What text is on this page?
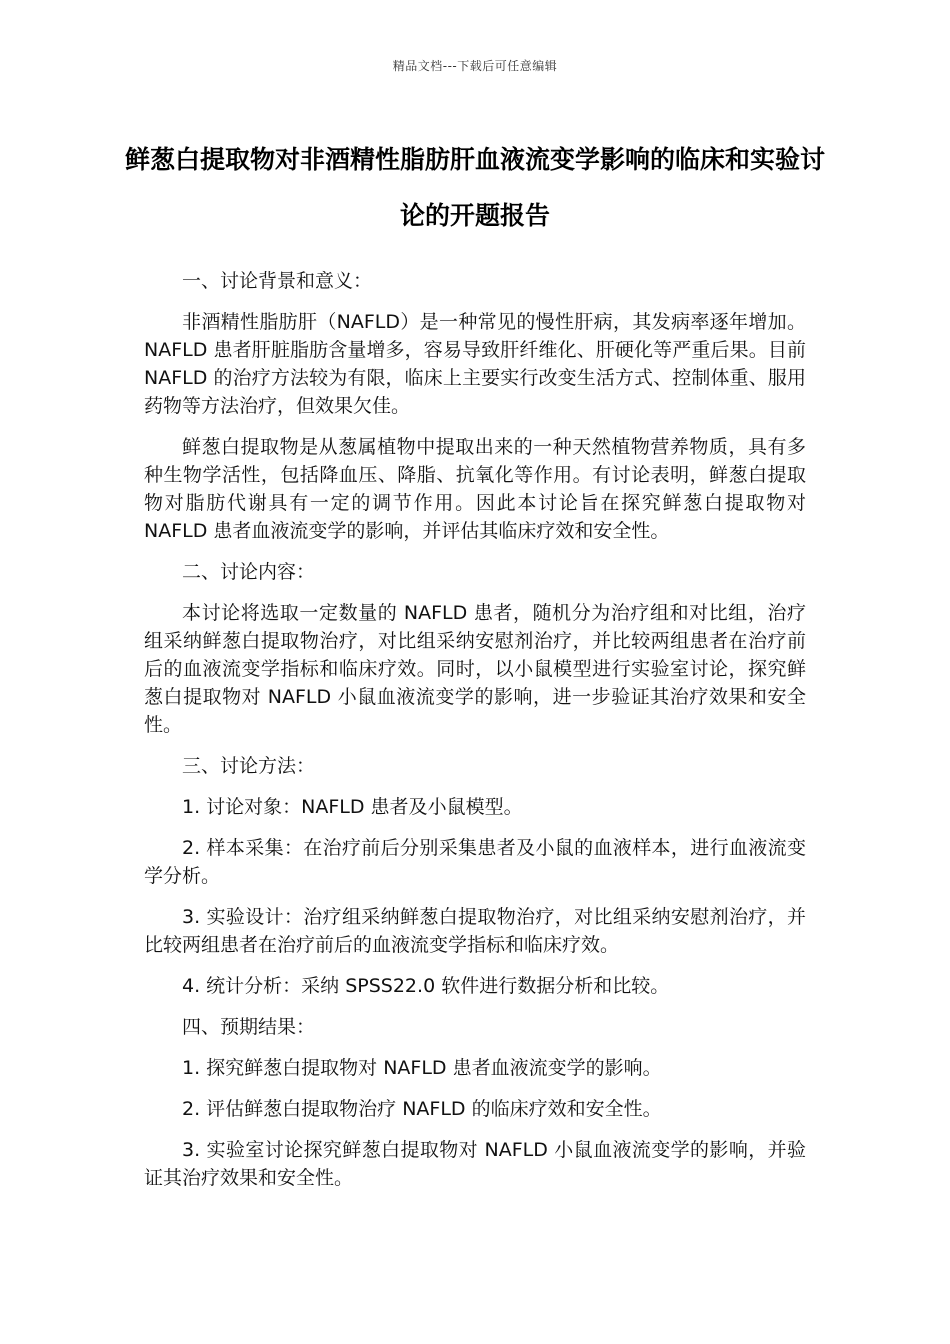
精品文档---下载后可任意编辑
鲜葱白提取物对非酒精性脂肪肝血液流变学影响的临床和实验讨论的开题报告

一、讨论背景和意义：

非酒精性脂肪肝（NAFLD）是一种常见的慢性肝病，其发病率逐年增加。NAFLD 患者肝脏脂肪含量增多，容易导致肝纤维化、肝硬化等严重后果。目前 NAFLD 的治疗方法较为有限，临床上主要实行改变生活方式、控制体重、服用药物等方法治疗，但效果欠佳。

鲜葱白提取物是从葱属植物中提取出来的一种天然植物营养物质，具有多种生物学活性，包括降血压、降脂、抗氧化等作用。有讨论表明，鲜葱白提取物对脂肪代谢具有一定的调节作用。因此本讨论旨在探究鲜葱白提取物对 NAFLD 患者血液流变学的影响，并评估其临床疗效和安全性。

二、讨论内容：

本讨论将选取一定数量的 NAFLD 患者，随机分为治疗组和对比组，治疗组采纳鲜葱白提取物治疗，对比组采纳安慰剂治疗，并比较两组患者在治疗前后的血液流变学指标和临床疗效。同时，以小鼠模型进行实验室讨论，探究鲜葱白提取物对 NAFLD 小鼠血液流变学的影响，进一步验证其治疗效果和安全性。

三、讨论方法：

1. 讨论对象：NAFLD 患者及小鼠模型。

2. 样本采集：在治疗前后分别采集患者及小鼠的血液样本，进行血液流变学分析。

3. 实验设计：治疗组采纳鲜葱白提取物治疗，对比组采纳安慰剂治疗，并比较两组患者在治疗前后的血液流变学指标和临床疗效。

4. 统计分析：采纳 SPSS22.0 软件进行数据分析和比较。

四、预期结果：

1. 探究鲜葱白提取物对 NAFLD 患者血液流变学的影响。

2. 评估鲜葱白提取物治疗 NAFLD 的临床疗效和安全性。

3. 实验室讨论探究鲜葱白提取物对 NAFLD 小鼠血液流变学的影响，并验证其治疗效果和安全性。
